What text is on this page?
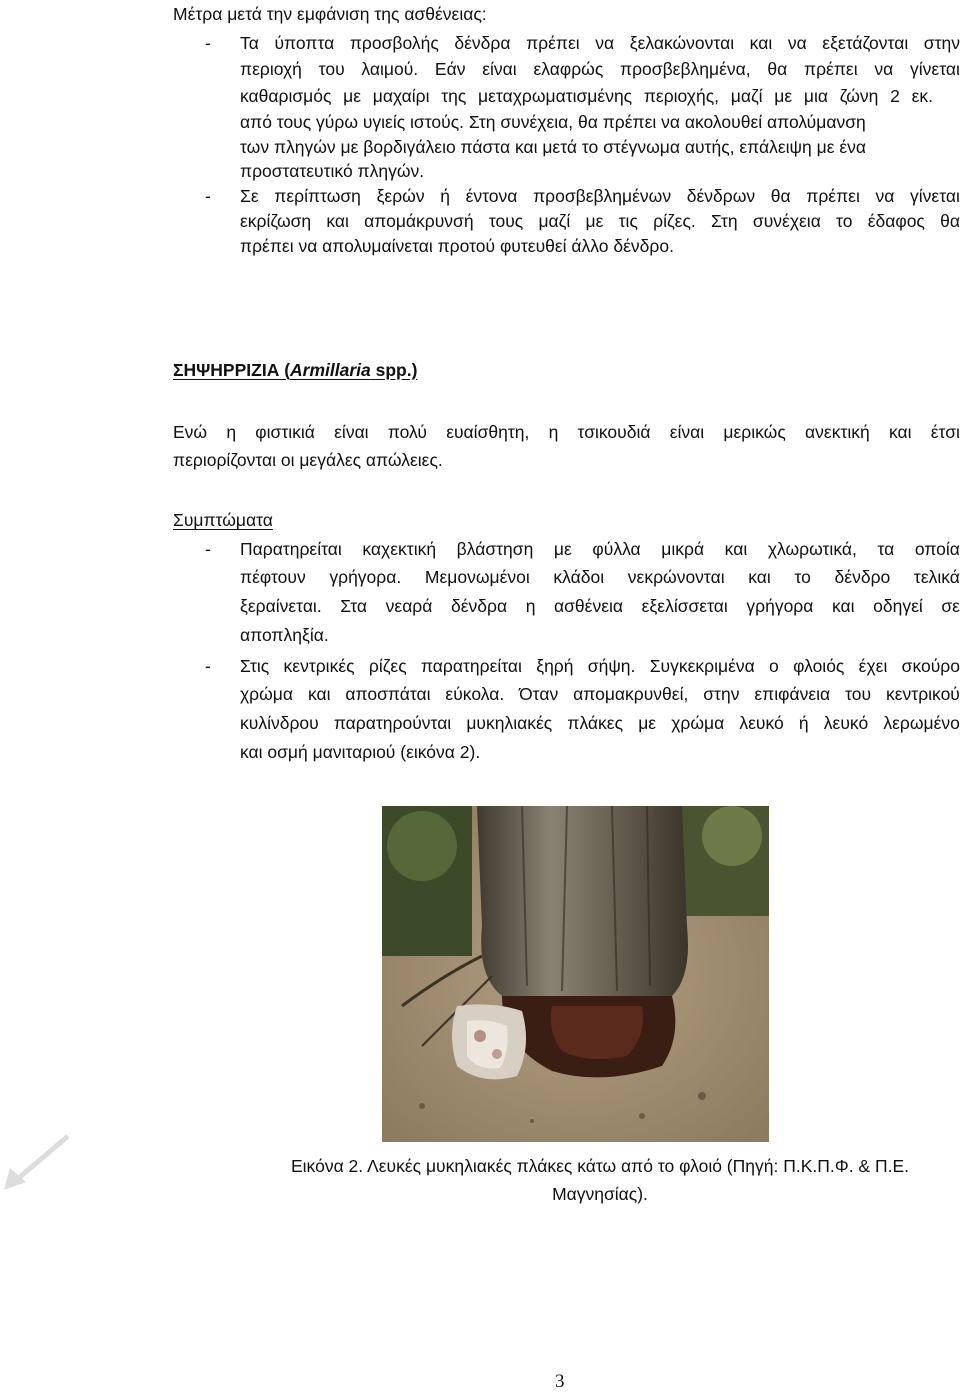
Μέτρα μετά την εμφάνιση της ασθένειας:
- Τα ύποπτα προσβολής δένδρα πρέπει να ξελακώνονται και να εξετάζονται στην
περιοχή του λαιμού. Εάν είναι ελαφρώς προσβεβλημένα, θα πρέπει να γίνεται
καθαρισμός με μαχαίρι της μεταχρωματισμένης περιοχής, μαζί με μια ζώνη 2 εκ.
από τους γύρω υγιείς ιστούς. Στη συνέχεια, θα πρέπει να ακολουθεί απολύμανση
των πληγών με βορδιγάλειο πάστα και μετά το στέγνωμα αυτής, επάλειψη με ένα
προστατευτικό πληγών.
- Σε περίπτωση ξερών ή έντονα προσβεβλημένων δένδρων θα πρέπει να γίνεται
εκρίζωση και απομάκρυνσή τους μαζί με τις ρίζες. Στη συνέχεια το έδαφος θα
πρέπει να απολυμαίνεται προτού φυτευθεί άλλο δένδρο.
ΣΗΨΗΡΡΙΖΙΑ (Armillaria spp.)
Ενώ η φιστικιά είναι πολύ ευαίσθητη, η τσικουδιά είναι μερικώς ανεκτική και έτσι
περιορίζονται οι μεγάλες απώλειες.
Συμπτώματα
- Παρατηρείται καχεκτική βλάστηση με φύλλα μικρά και χλωρωτικά, τα οποία
πέφτουν γρήγορα. Μεμονωμένοι κλάδοι νεκρώνονται και το δένδρο τελικά
ξεραίνεται. Στα νεαρά δένδρα η ασθένεια εξελίσσεται γρήγορα και οδηγεί σε
αποπληξία.
- Στις κεντρικές ρίζες παρατηρείται ξηρή σήψη. Συγκεκριμένα ο φλοιός έχει σκούρο
χρώμα και αποσπάται εύκολα. Όταν απομακρυνθεί, στην επιφάνεια του κεντρικού
κυλίνδρου παρατηρούνται μυκηλιακές πλάκες με χρώμα λευκό ή λευκό λερωμένο
και οσμή μανιταριού (εικόνα 2).
Εικόνα 2. Λευκές μυκηλιακές πλάκες κάτω από το φλοιό (Πηγή: Π.Κ.Π.Φ. & Π.Ε.
Μαγνησίας).
3
